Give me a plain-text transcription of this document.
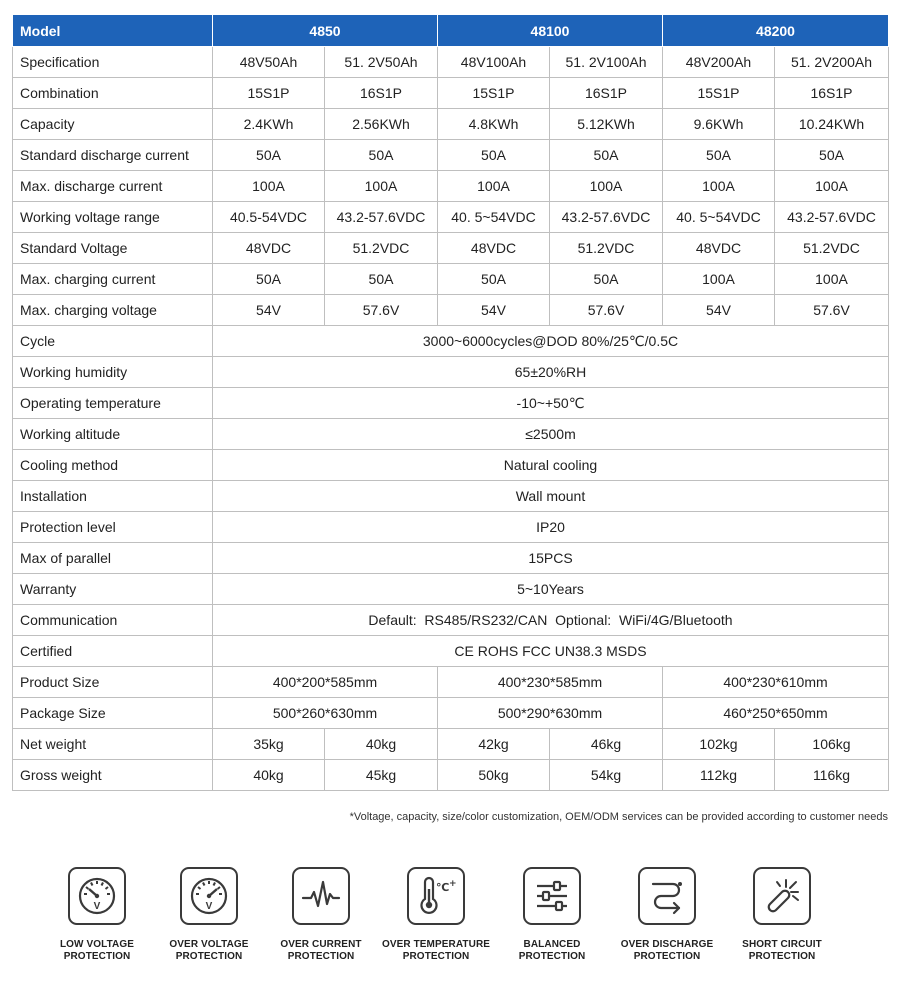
Model	4850		48100		48200	
Specification	48V50Ah	51. 2V50Ah	48V100Ah	51. 2V100Ah	48V200Ah	51. 2V200Ah
Combination	15S1P	16S1P	15S1P	16S1P	15S1P	16S1P
Capacity	2.4KWh	2.56KWh	4.8KWh	5.12KWh	9.6KWh	10.24KWh
Standard discharge current	50A	50A	50A	50A	50A	50A
Max. discharge current	100A	100A	100A	100A	100A	100A
Working voltage range	40.5-54VDC	43.2-57.6VDC	40. 5~54VDC	43.2-57.6VDC	40. 5~54VDC	43.2-57.6VDC
Standard Voltage	48VDC	51.2VDC	48VDC	51.2VDC	48VDC	51.2VDC
Max. charging current	50A	50A	50A	50A	100A	100A
Max. charging voltage	54V	57.6V	54V	57.6V	54V	57.6V
Cycle	3000~6000cycles@DOD 80%/25℃/0.5C					
Working humidity	65±20%RH					
Operating temperature	-10~+50℃					
Working altitude	≤2500m					
Cooling method	Natural cooling					
Installation	Wall mount					
Protection level	IP20					
Max of parallel	15PCS					
Warranty	5~10Years					
Communication	Default:  RS485/RS232/CAN  Optional:  WiFi/4G/Bluetooth					
Certified	CE ROHS FCC UN38.3 MSDS					
Product Size	400*200*585mm		400*230*585mm		400*230*610mm	
Package Size	500*260*630mm		500*290*630mm		460*250*650mm	
Net weight	35kg	40kg	42kg	46kg	102kg	106kg
Gross weight	40kg	45kg	50kg	54kg	112kg	116kg
*Voltage, capacity, size/color customization, OEM/ODM services can be provided according to customer needs
V
LOW VOLTAGE
PROTECTION
V
OVER VOLTAGE
PROTECTION
OVER CURRENT
PROTECTION
℃ +
OVER TEMPERATURE
PROTECTION
BALANCED
PROTECTION
OVER DISCHARGE
PROTECTION
SHORT CIRCUIT
PROTECTION
